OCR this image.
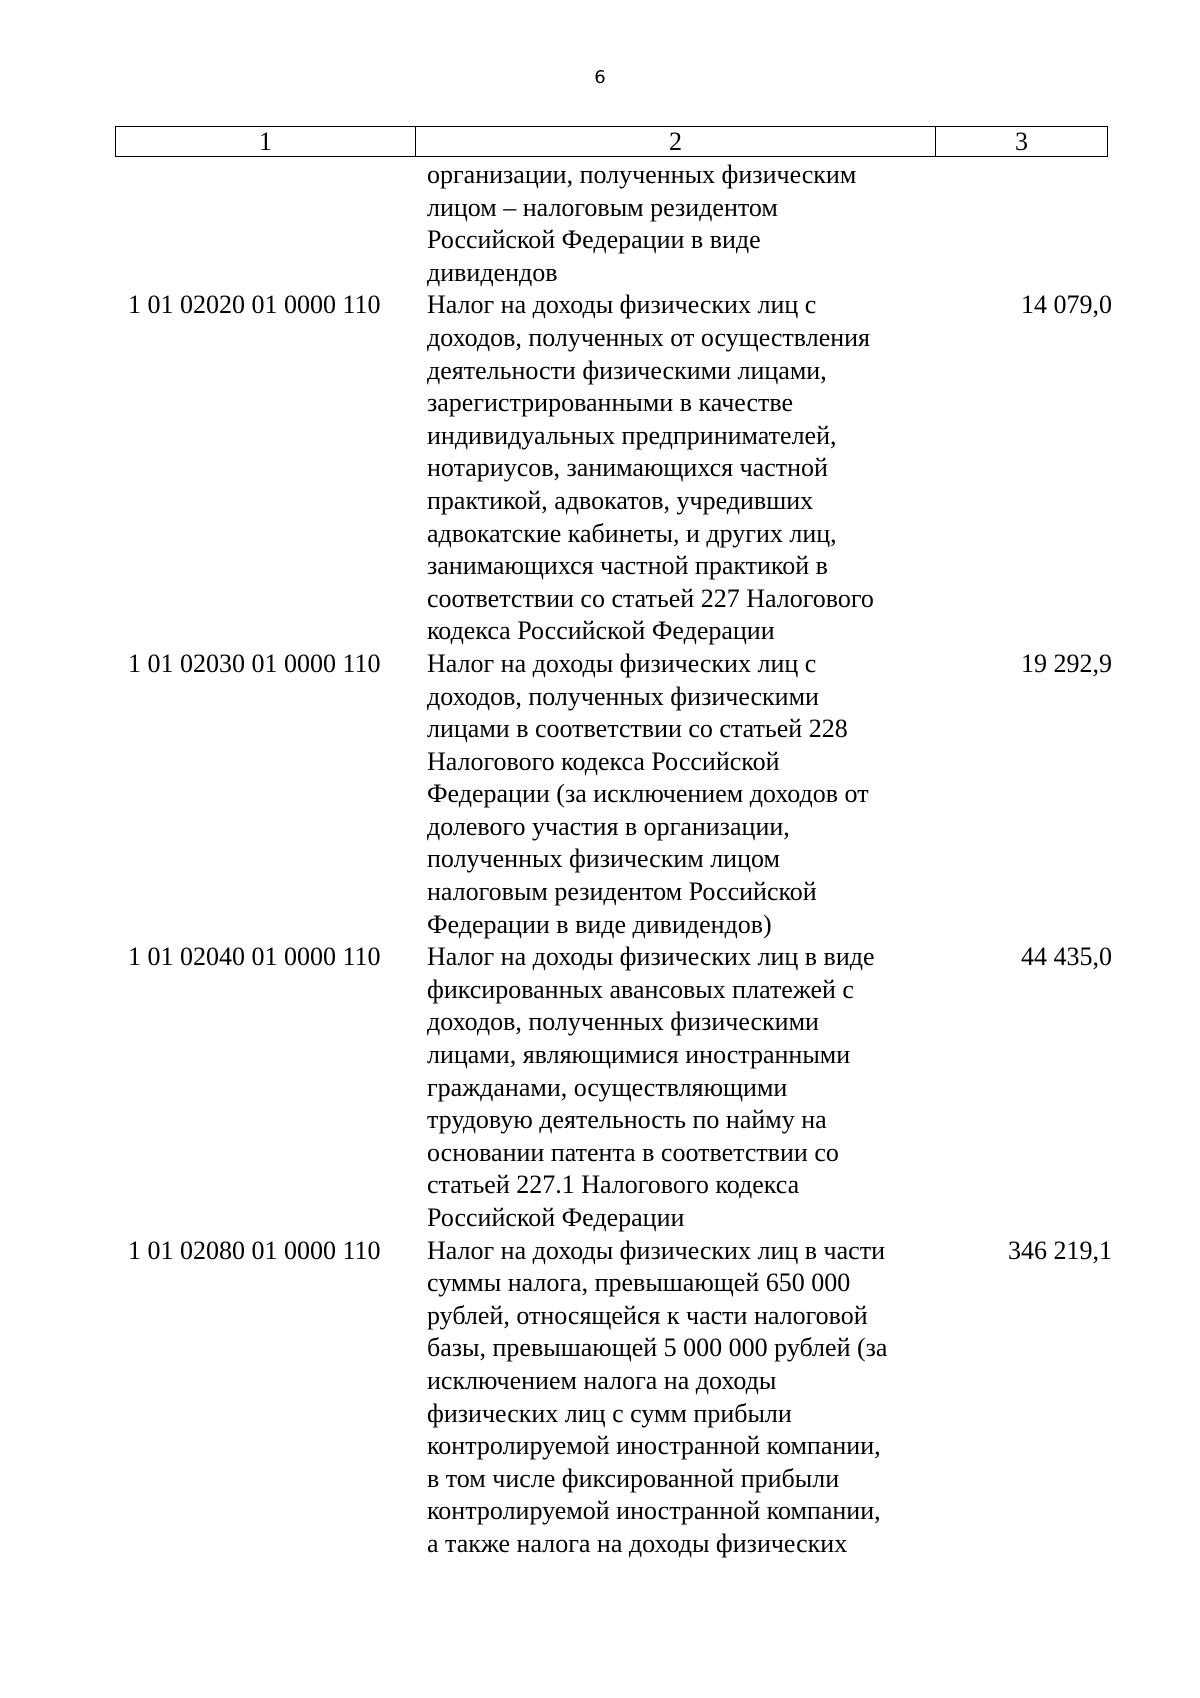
6
1	2	3
организации, полученных физическим
лицом – налоговым резидентом
Российской Федерации в виде
дивидендов
1 01 02020 01 0000 110	Налог на доходы физических лиц с
доходов, полученных от осуществления
деятельности физическими лицами,
зарегистрированными в качестве
индивидуальных предпринимателей,
нотариусов, занимающихся частной
практикой, адвокатов, учредивших
адвокатские кабинеты, и других лиц,
занимающихся частной практикой в
соответствии со статьей 227 Налогового
кодекса Российской Федерации
14 079,0
1 01 02030 01 0000 110	Налог на доходы физических лиц с
доходов, полученных физическими
лицами в соответствии со статьей 228
Налогового кодекса Российской
Федерации (за исключением доходов от
долевого участия в организации,
полученных физическим лицом
налоговым резидентом Российской
Федерации в виде дивидендов)
19 292,9
1 01 02040 01 0000 110	Налог на доходы физических лиц в виде
фиксированных авансовых платежей с
доходов, полученных физическими
лицами, являющимися иностранными
гражданами, осуществляющими
трудовую деятельность по найму на
основании патента в соответствии со
статьей 227.1 Налогового кодекса
Российской Федерации
44 435,0
1 01 02080 01 0000 110	Налог на доходы физических лиц в части
суммы налога, превышающей 650 000
рублей, относящейся к части налоговой
базы, превышающей 5 000 000 рублей (за
исключением налога на доходы
физических лиц с сумм прибыли
контролируемой иностранной компании,
в том числе фиксированной прибыли
контролируемой иностранной компании,
а также налога на доходы физических
346 219,1
